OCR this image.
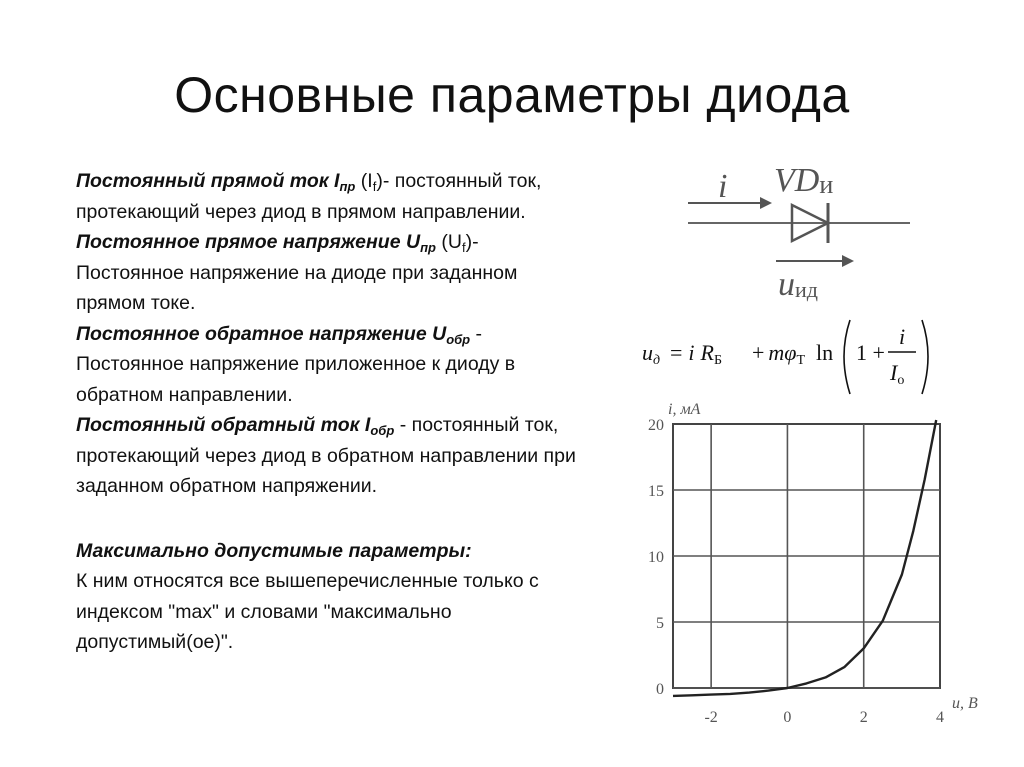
Основные параметры диода

Постоянный прямой ток $I_{пр}$ $(I_f)-$ постоянный ток, протекающий через диод в прямом направлении.

Постоянное прямое напряжение $U_{пр}$ $(U_f)-$ Постоянное напряжение на диоде при заданном прямом токе.

Постоянное обратное напряжение $U_{обр}$ - Постоянное напряжение приложенное к диоду в обратном направлении.

Постоянный обратный ток $I_{обр}$ - постоянный ток, протекающий через диод в обратном направлении при заданном обратном напряжении.

Максимально допустимые параметры:
К ним относятся все вышеперечисленные только с индексом "max" и словами "максимально допустимый(ое)".

i VDи
uид
uд = i RБ + mφТ ln 1 +
i
Iо
-2	0	2	4
0
5
10
15
20
i, мА
u, В
